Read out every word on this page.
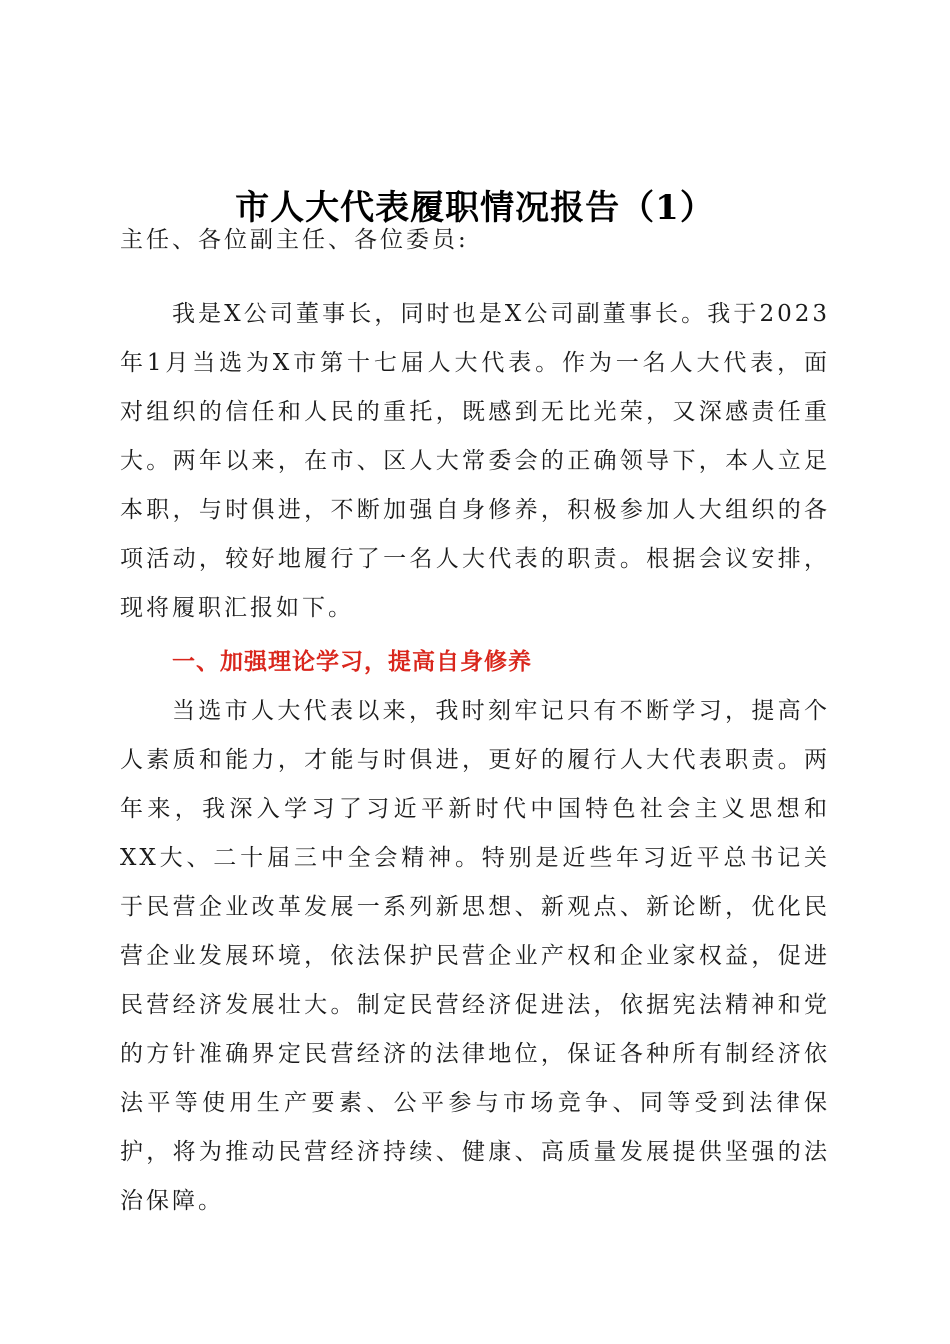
市人大代表履职情况报告（1）

主任、各位副主任、各位委员:

我是X公司董事长，同时也是X公司副董事长。我于2023年1月当选为X市第十七届人大代表。作为一名人大代表，面对组织的信任和人民的重托，既感到无比光荣，又深感责任重大。两年以来，在市、区人大常委会的正确领导下，本人立足本职，与时俱进，不断加强自身修养，积极参加人大组织的各项活动，较好地履行了一名人大代表的职责。根据会议安排，现将履职汇报如下。

一、加强理论学习，提高自身修养

当选市人大代表以来，我时刻牢记只有不断学习，提高个人素质和能力，才能与时俱进，更好的履行人大代表职责。两年来，我深入学习了习近平新时代中国特色社会主义思想和XX大、二十届三中全会精神。特别是近些年习近平总书记关于民营企业改革发展一系列新思想、新观点、新论断，优化民营企业发展环境，依法保护民营企业产权和企业家权益，促进民营经济发展壮大。制定民营经济促进法，依据宪法精神和党的方针准确界定民营经济的法律地位，保证各种所有制经济依法平等使用生产要素、公平参与市场竞争、同等受到法律保护，将为推动民营经济持续、健康、高质量发展提供坚强的法治保障。
